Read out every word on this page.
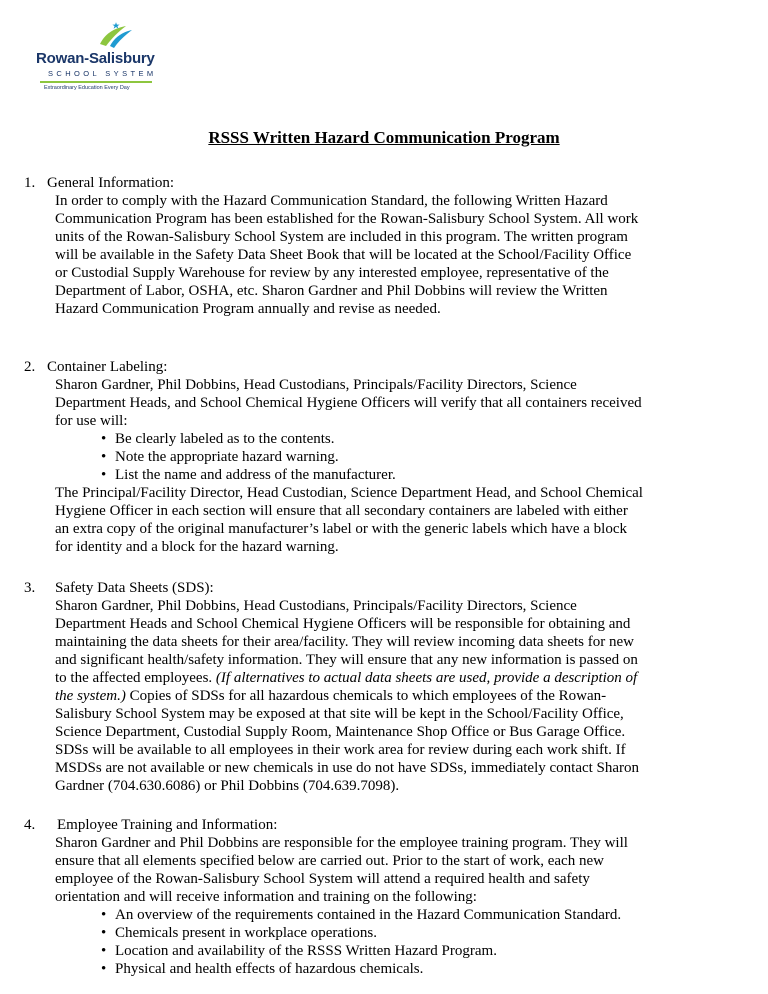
Rowan-Salisbury
SCHOOL SYSTEM
Extraordinary Education Every Day
RSSS Written Hazard Communication Program
1. General Information:
In order to comply with the Hazard Communication Standard, the following Written Hazard Communication Program has been established for the Rowan-Salisbury School System. All work units of the Rowan-Salisbury School System are included in this program. The written program will be available in the Safety Data Sheet Book that will be located at the School/Facility Office or Custodial Supply Warehouse for review by any interested employee, representative of the Department of Labor, OSHA, etc. Sharon Gardner and Phil Dobbins will review the Written Hazard Communication Program annually and revise as needed.
2. Container Labeling:
Sharon Gardner, Phil Dobbins, Head Custodians, Principals/Facility Directors, Science Department Heads, and School Chemical Hygiene Officers will verify that all containers received for use will:
• Be clearly labeled as to the contents.
• Note the appropriate hazard warning.
• List the name and address of the manufacturer.
The Principal/Facility Director, Head Custodian, Science Department Head, and School Chemical Hygiene Officer in each section will ensure that all secondary containers are labeled with either an extra copy of the original manufacturer’s label or with the generic labels which have a block for identity and a block for the hazard warning.
3. Safety Data Sheets (SDS):
Sharon Gardner, Phil Dobbins, Head Custodians, Principals/Facility Directors, Science Department Heads and School Chemical Hygiene Officers will be responsible for obtaining and maintaining the data sheets for their area/facility. They will review incoming data sheets for new and significant health/safety information. They will ensure that any new information is passed on to the affected employees. (If alternatives to actual data sheets are used, provide a description of the system.) Copies of SDSs for all hazardous chemicals to which employees of the Rowan-Salisbury School System may be exposed at that site will be kept in the School/Facility Office, Science Department, Custodial Supply Room, Maintenance Shop Office or Bus Garage Office. SDSs will be available to all employees in their work area for review during each work shift. If MSDSs are not available or new chemicals in use do not have SDSs, immediately contact Sharon Gardner (704.630.6086) or Phil Dobbins (704.639.7098).
4. Employee Training and Information:
Sharon Gardner and Phil Dobbins are responsible for the employee training program. They will ensure that all elements specified below are carried out. Prior to the start of work, each new employee of the Rowan-Salisbury School System will attend a required health and safety orientation and will receive information and training on the following:
• An overview of the requirements contained in the Hazard Communication Standard.
• Chemicals present in workplace operations.
• Location and availability of the RSSS Written Hazard Program.
• Physical and health effects of hazardous chemicals.
